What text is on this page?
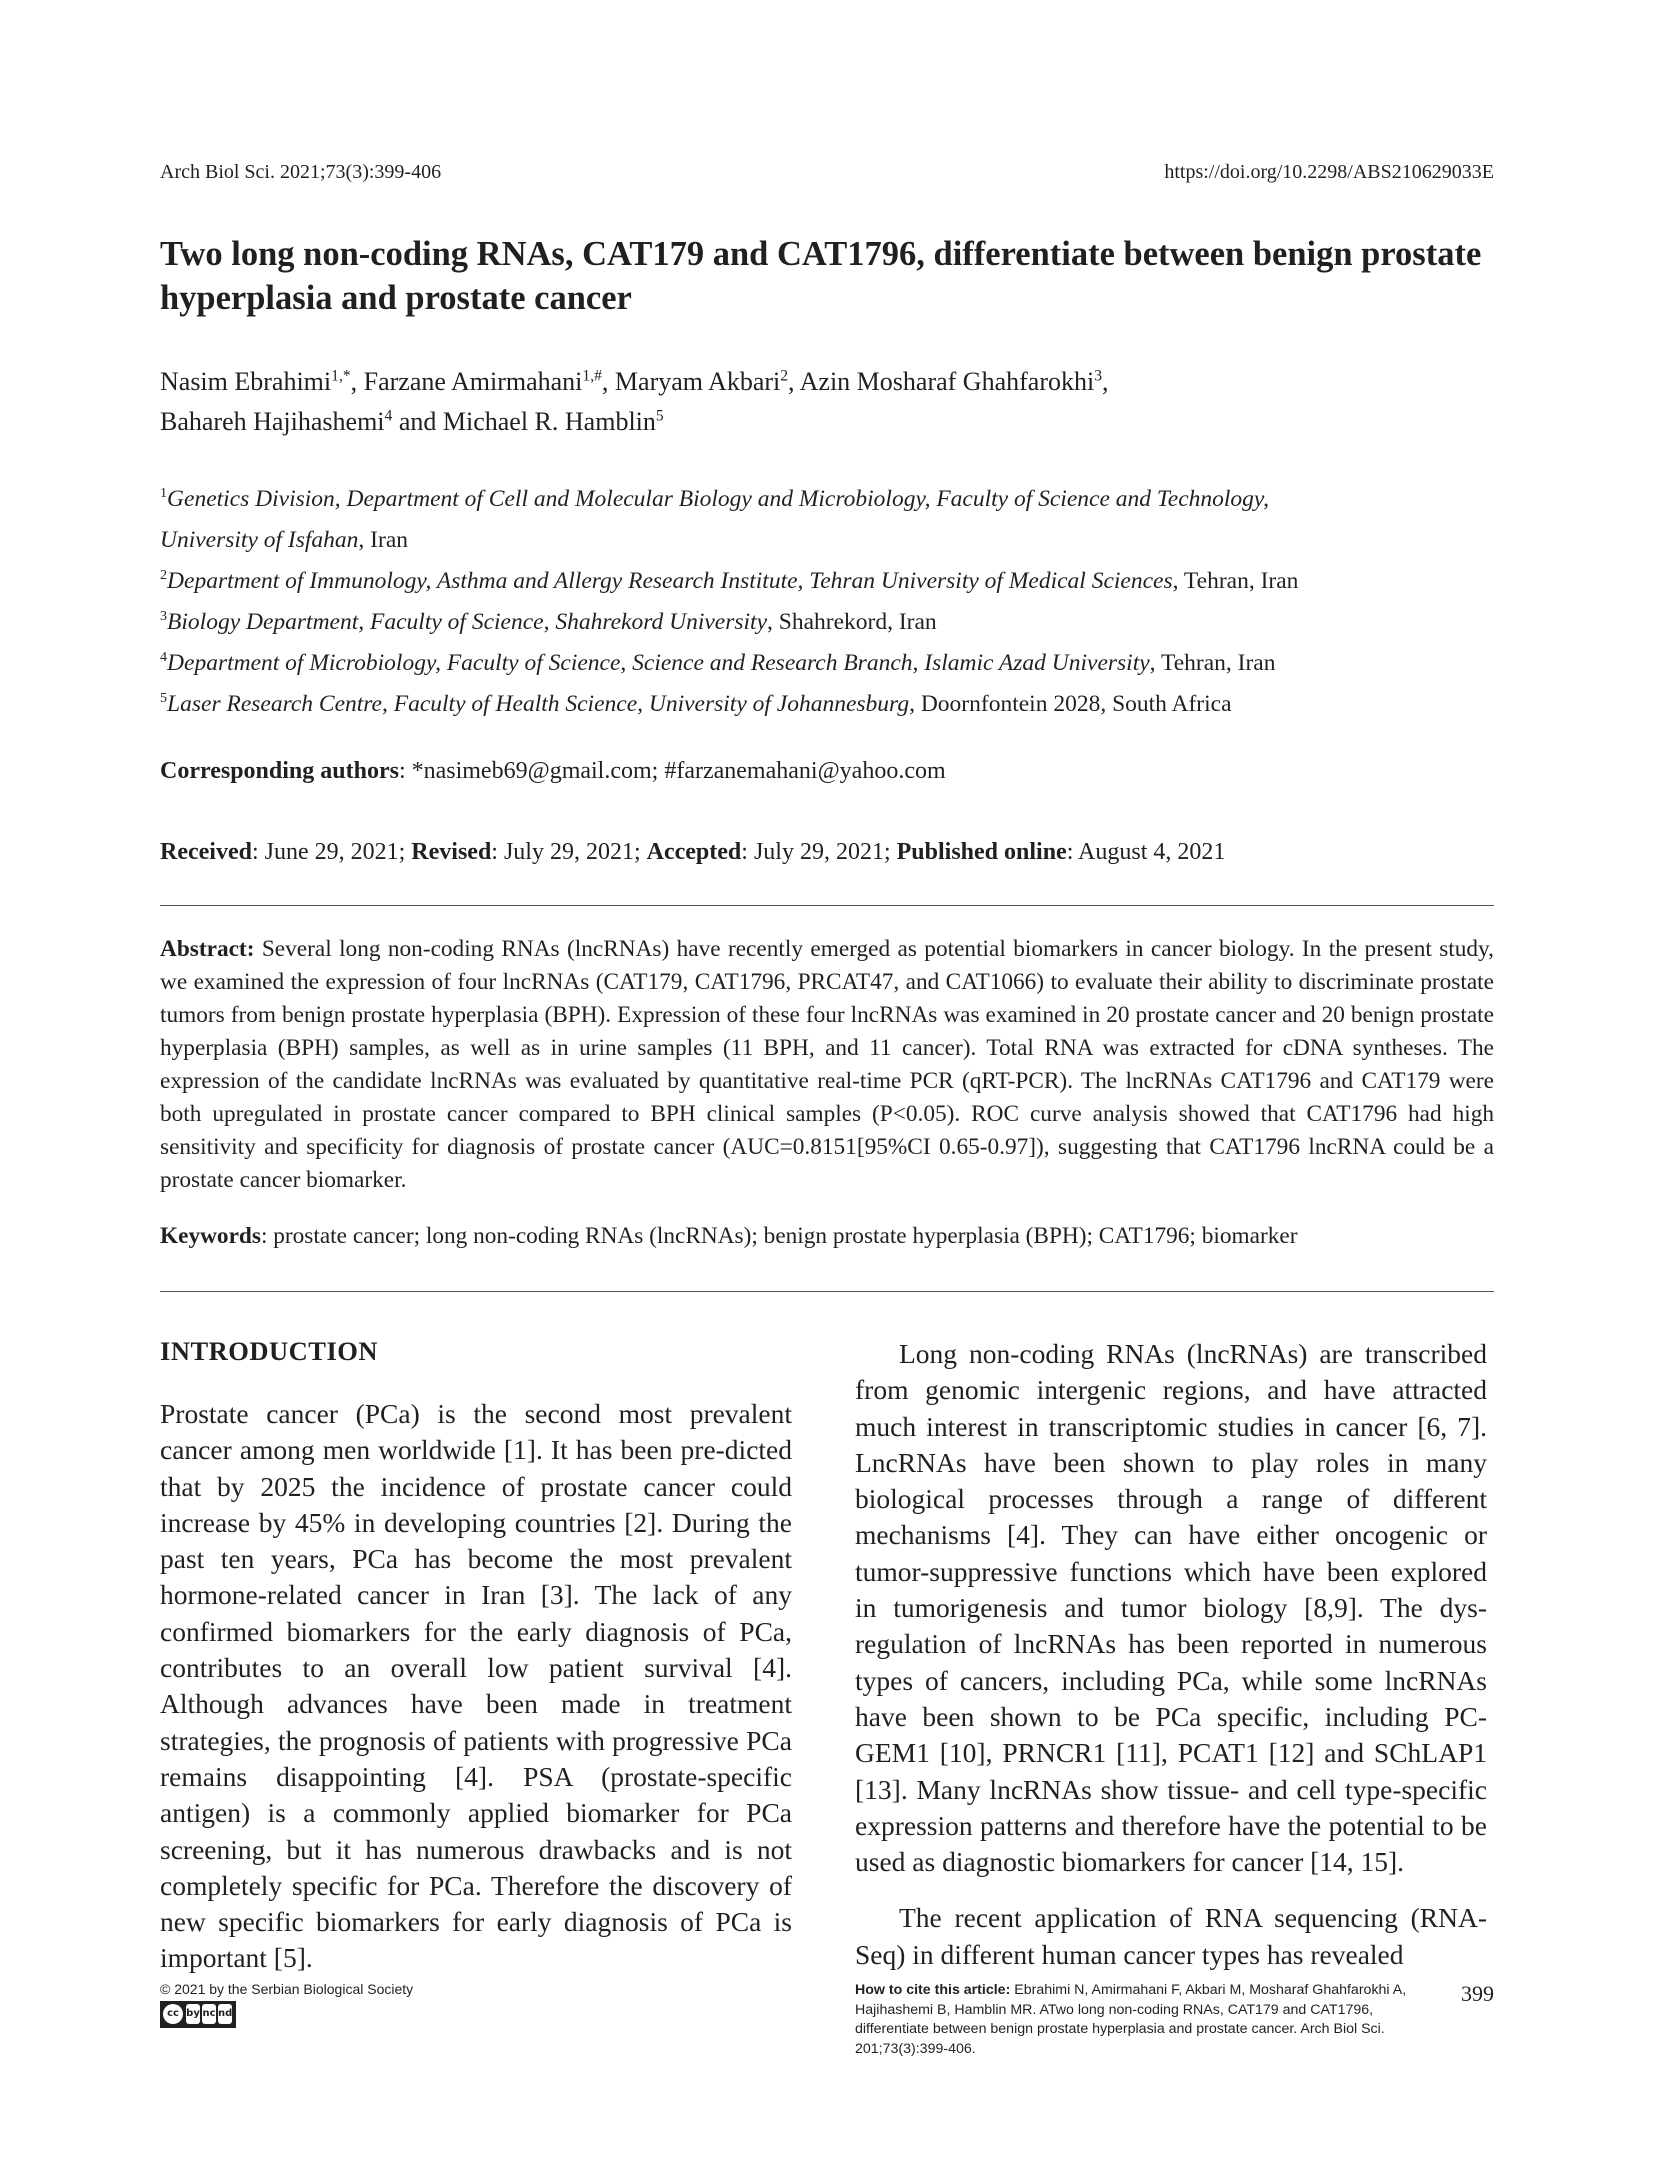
Arch Biol Sci. 2021;73(3):399-406	https://doi.org/10.2298/ABS210629033E
Two long non-coding RNAs, CAT179 and CAT1796, differentiate between benign prostate hyperplasia and prostate cancer
Nasim Ebrahimi$^{1,*}$, Farzane Amirmahani$^{1,\#}$, Maryam Akbari$^2$, Azin Mosharaf Ghahfarokhi$^3$,
Bahareh Hajihashemi$^4$ and Michael R. Hamblin$^5$
$^1$Genetics Division, Department of Cell and Molecular Biology and Microbiology, Faculty of Science and Technology,
University of Isfahan, Iran
$^2$Department of Immunology, Asthma and Allergy Research Institute, Tehran University of Medical Sciences, Tehran, Iran
$^3$Biology Department, Faculty of Science, Shahrekord University, Shahrekord, Iran
$^4$Department of Microbiology, Faculty of Science, Science and Research Branch, Islamic Azad University, Tehran, Iran
$^5$Laser Research Centre, Faculty of Health Science, University of Johannesburg, Doornfontein 2028, South Africa
Corresponding authors: *nasimeb69@gmail.com; #farzanemahani@yahoo.com
Received: June 29, 2021; Revised: July 29, 2021; Accepted: July 29, 2021; Published online: August 4, 2021
Abstract: Several long non-coding RNAs (lncRNAs) have recently emerged as potential biomarkers in cancer biology. In the present study, we examined the expression of four lncRNAs (CAT179, CAT1796, PRCAT47, and CAT1066) to evaluate their ability to discriminate prostate tumors from benign prostate hyperplasia (BPH). Expression of these four lncRNAs was examined in 20 prostate cancer and 20 benign prostate hyperplasia (BPH) samples, as well as in urine samples (11 BPH, and 11 cancer). Total RNA was extracted for cDNA syntheses. The expression of the candidate lncRNAs was evaluated by quantitative real-time PCR (qRT-PCR). The lncRNAs CAT1796 and CAT179 were both upregulated in prostate cancer compared to BPH clinical samples (P<0.05). ROC curve analysis showed that CAT1796 had high sensitivity and specificity for diagnosis of prostate cancer (AUC=0.8151[95%CI 0.65-0.97]), suggesting that CAT1796 lncRNA could be a prostate cancer biomarker.
Keywords: prostate cancer; long non-coding RNAs (lncRNAs); benign prostate hyperplasia (BPH); CAT1796; biomarker
INTRODUCTION

Prostate cancer (PCa) is the second most prevalent cancer among men worldwide [1]. It has been pre-dicted that by 2025 the incidence of prostate cancer could increase by 45% in developing countries [2]. During the past ten years, PCa has become the most prevalent hormone-related cancer in Iran [3]. The lack of any confirmed biomarkers for the early diagnosis of PCa, contributes to an overall low patient survival [4]. Although advances have been made in treatment strategies, the prognosis of patients with progressive PCa remains disappointing [4]. PSA (prostate-specific antigen) is a commonly applied biomarker for PCa screening, but it has numerous drawbacks and is not completely specific for PCa. Therefore the discovery of new specific biomarkers for early diagnosis of PCa is important [5].

Long non-coding RNAs (lncRNAs) are transcribed from genomic intergenic regions, and have attracted much interest in transcriptomic studies in cancer [6, 7]. LncRNAs have been shown to play roles in many biological processes through a range of different mechanisms [4]. They can have either oncogenic or tumor-suppressive functions which have been explored in tumorigenesis and tumor biology [8,9]. The dys-regulation of lncRNAs has been reported in numerous types of cancers, including PCa, while some lncRNAs have been shown to be PCa specific, including PC-GEM1 [10], PRNCR1 [11], PCAT1 [12] and SChLAP1 [13]. Many lncRNAs show tissue- and cell type-specific expression patterns and therefore have the potential to be used as diagnostic biomarkers for cancer [14, 15].

The recent application of RNA sequencing (RNA-Seq) in different human cancer types has revealed

© 2021 by the Serbian Biological Society
cc by nc nd
How to cite this article: Ebrahimi N, Amirmahani F, Akbari M, Mosharaf Ghahfarokhi A, Hajihashemi B, Hamblin MR. ATwo long non-coding RNAs, CAT179 and CAT1796, differentiate between benign prostate hyperplasia and prostate cancer. Arch Biol Sci. 201;73(3):399-406.
399
